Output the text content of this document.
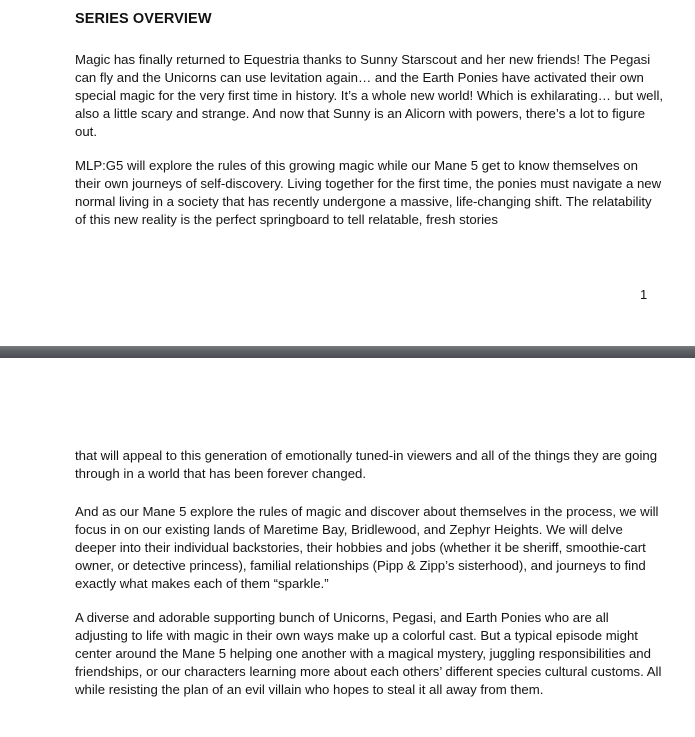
SERIES OVERVIEW

Magic has finally returned to Equestria thanks to Sunny Starscout and her new friends! The Pegasi can fly and the Unicorns can use levitation again… and the Earth Ponies have activated their own special magic for the very first time in history. It’s a whole new world! Which is exhilarating… but well, also a little scary and strange. And now that Sunny is an Alicorn with powers, there’s a lot to figure out.

MLP:G5 will explore the rules of this growing magic while our Mane 5 get to know themselves on their own journeys of self-discovery. Living together for the first time, the ponies must navigate a new normal living in a society that has recently undergone a massive, life-changing shift. The relatability of this new reality is the perfect springboard to tell relatable, fresh stories

1

that will appeal to this generation of emotionally tuned-in viewers and all of the things they are going through in a world that has been forever changed.

And as our Mane 5 explore the rules of magic and discover about themselves in the process, we will focus in on our existing lands of Maretime Bay, Bridlewood, and Zephyr Heights. We will delve deeper into their individual backstories, their hobbies and jobs (whether it be sheriff, smoothie-cart owner, or detective princess), familial relationships (Pipp & Zipp’s sisterhood), and journeys to find exactly what makes each of them “sparkle.”

A diverse and adorable supporting bunch of Unicorns, Pegasi, and Earth Ponies who are all adjusting to life with magic in their own ways make up a colorful cast. But a typical episode might center around the Mane 5 helping one another with a magical mystery, juggling responsibilities and friendships, or our characters learning more about each others’ different species cultural customs. All while resisting the plan of an evil villain who hopes to steal it all away from them.
